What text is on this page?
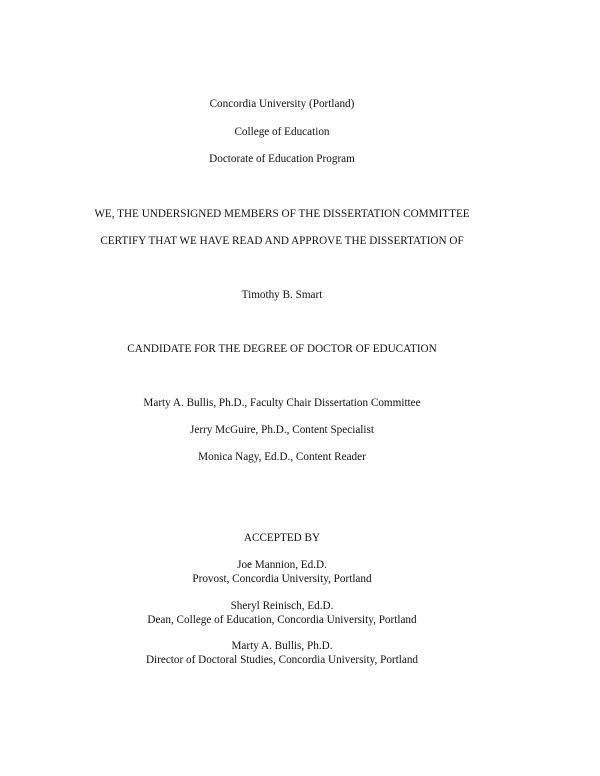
Concordia University (Portland)
College of Education
Doctorate of Education Program
WE, THE UNDERSIGNED MEMBERS OF THE DISSERTATION COMMITTEE
CERTIFY THAT WE HAVE READ AND APPROVE THE DISSERTATION OF
Timothy B. Smart
CANDIDATE FOR THE DEGREE OF DOCTOR OF EDUCATION
Marty A. Bullis, Ph.D., Faculty Chair Dissertation Committee
Jerry McGuire, Ph.D., Content Specialist
Monica Nagy, Ed.D., Content Reader
ACCEPTED BY
Joe Mannion, Ed.D.
Provost, Concordia University, Portland
Sheryl Reinisch, Ed.D.
Dean, College of Education, Concordia University, Portland
Marty A. Bullis, Ph.D.
Director of Doctoral Studies, Concordia University, Portland
